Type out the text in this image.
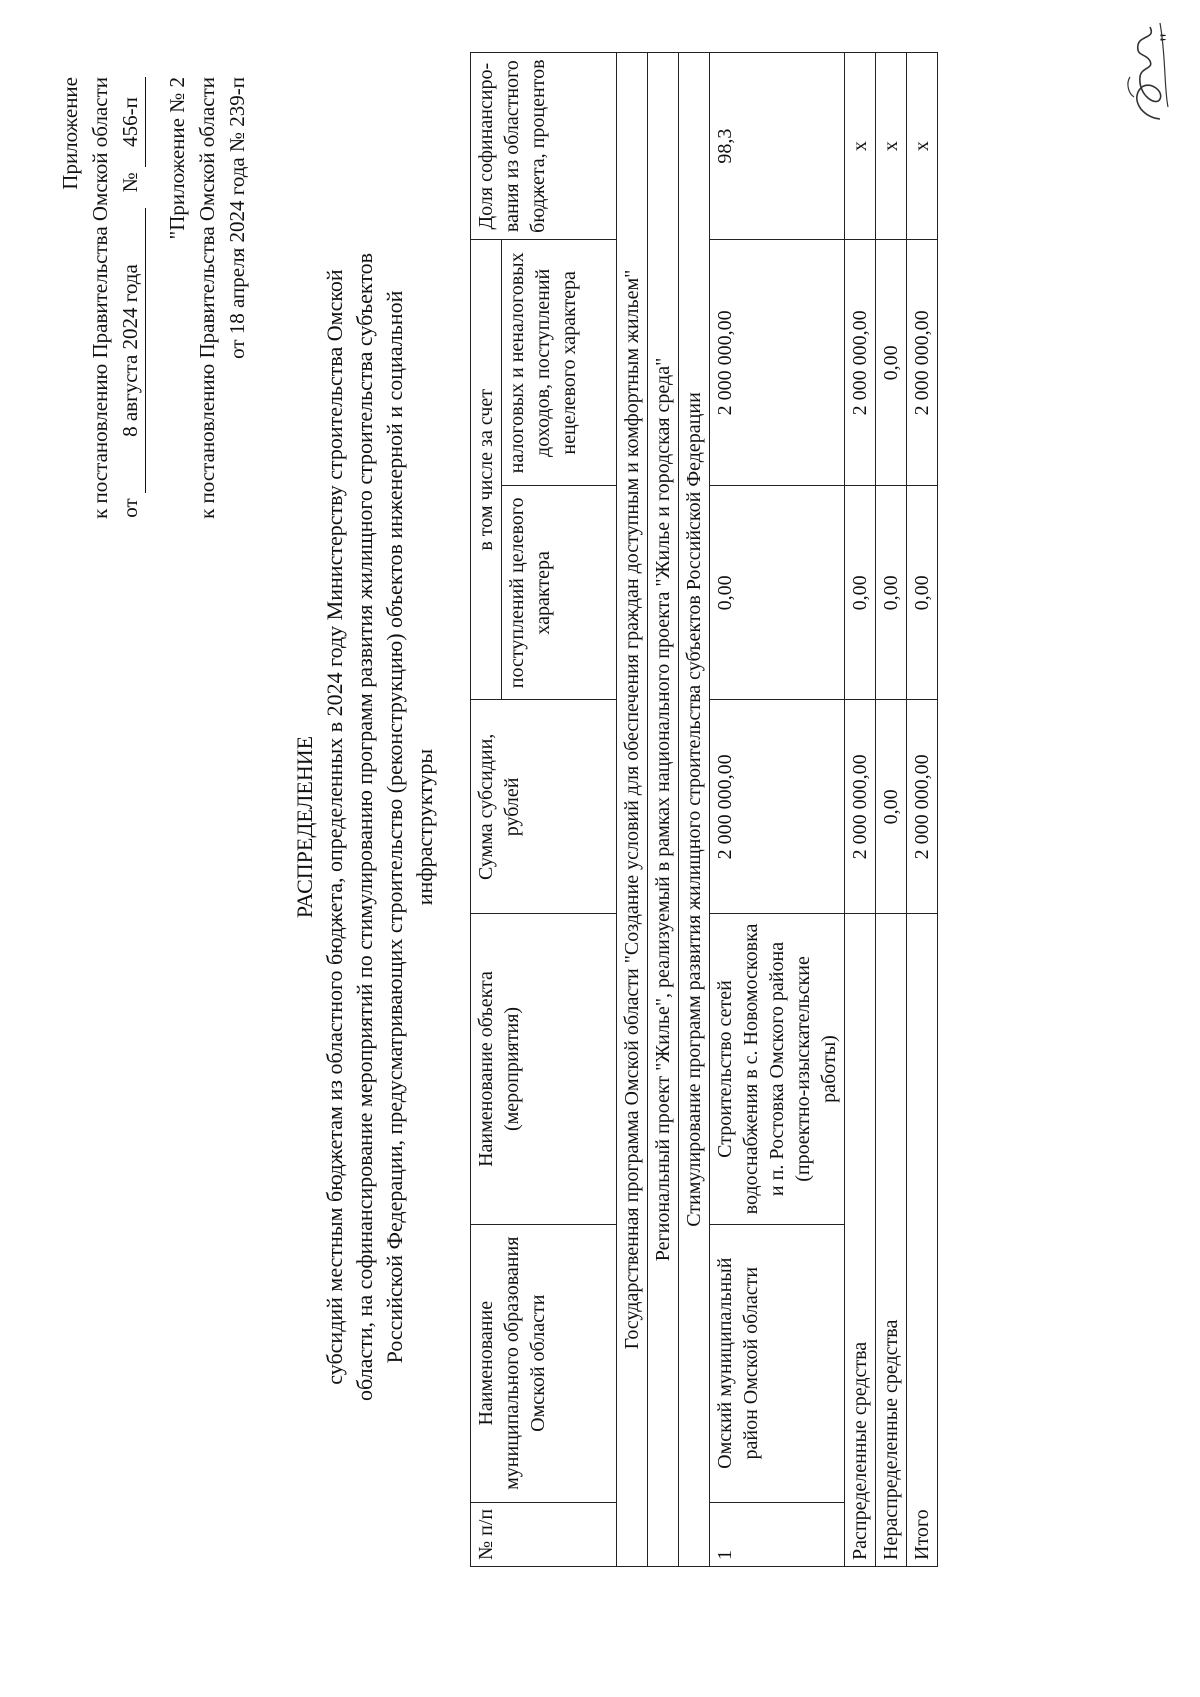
Приложение к постановлению Правительства Омской области от 8 августа 2024 года   № 456-п "Приложение № 2 к постановлению Правительства Омской области от 18 апреля 2024 года № 239-п
РАСПРЕДЕЛЕНИЕ субсидий местным бюджетам из областного бюджета, определенных в 2024 году Министерству строительства Омской области, на софинансирование мероприятий по стимулированию программ развития жилищного строительства субъектов Российской Федерации, предусматривающих строительство (реконструкцию) объектов инженерной и социальной инфраструктуры
№ п/п	Наименование муниципального образования Омской области	Наименование объекта (мероприятия)	Сумма субсидии, рублей	в том числе за счет		Доля софинансиро-вания из областного бюджета, процентов
				поступлений целевого характера	налоговых и неналоговых доходов, поступлений нецелевого характера	
Государственная программа Омской области "Создание условий для обеспечения граждан доступным и комфортным жильем"						
Региональный проект "Жилье", реализуемый в рамках национального проекта "Жилье и городская среда"						
Стимулирование программ развития жилищного строительства субъектов Российской Федерации						
1	Омский муниципальный район Омской области	Строительство сетей водоснабжения в с. Новомосковка и п. Ростовка Омского района (проектно-изыскательские работы)	2 000 000,00	0,00	2 000 000,00	98,3
Распределенные средства			2 000 000,00	0,00	2 000 000,00	х
Нераспределенные средства			0,00	0,00	0,00	х
Итого			2 000 000,00	0,00	2 000 000,00	х
"
